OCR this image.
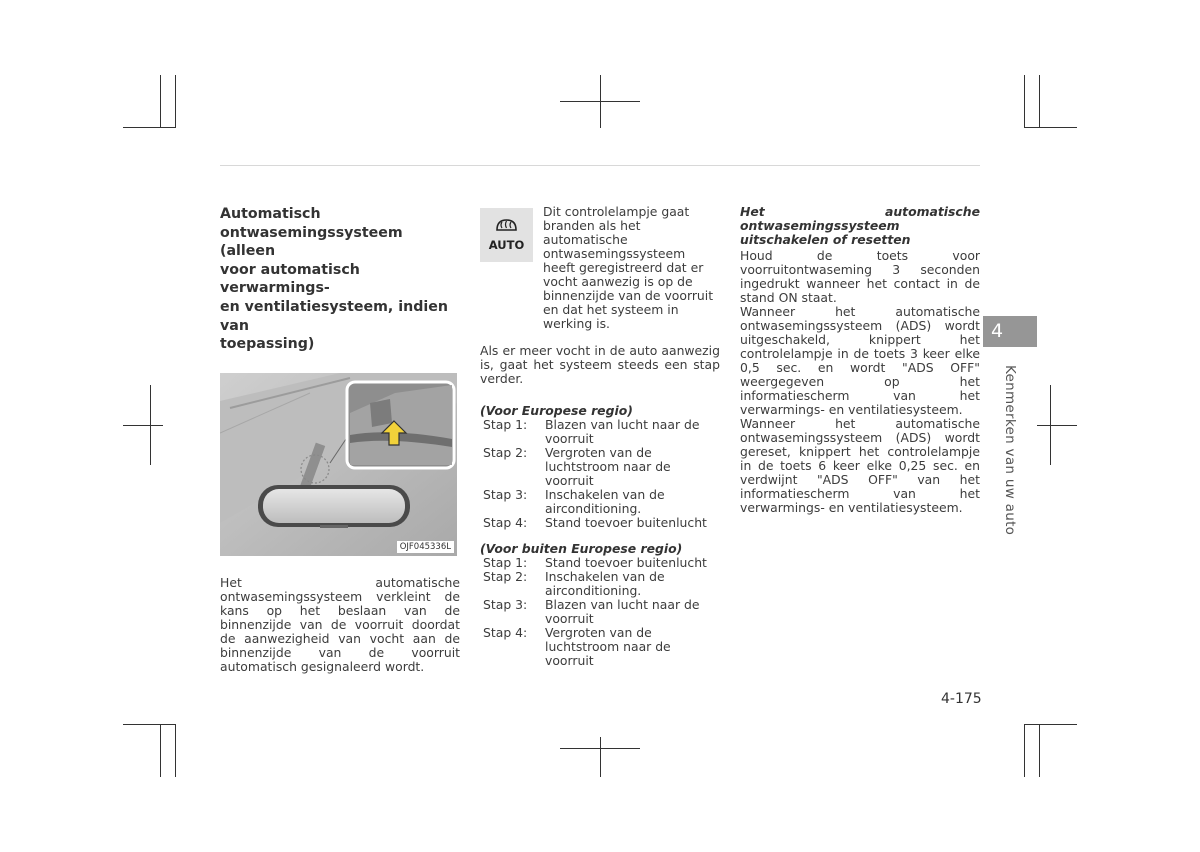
Automatisch
ontwasemingssysteem (alleen
voor automatisch verwarmings-
en ventilatiesysteem, indien van
toepassing)
OJF045336L

Het automatische ontwasemingssysteem verkleint de kans op het beslaan van de binnenzijde van de voorruit doordat de aanwezigheid van vocht aan de binnenzijde van de voorruit automatisch gesignaleerd wordt.

AUTO
Dit controlelampje gaat branden als het automatische ontwasemingssysteem heeft geregistreerd dat er vocht aanwezig is op de binnenzijde van de voorruit en dat het systeem in werking is.

Als er meer vocht in de auto aanwezig is, gaat het systeem steeds een stap verder.

(Voor Europese regio)

Stap 1:	Blazen van lucht naar de voorruit
Stap 2:	Vergroten van de luchtstroom naar de voorruit
Stap 3:	Inschakelen van de airconditioning.
Stap 4:	Stand toevoer buitenlucht

(Voor buiten Europese regio)

Stap 1:	Stand toevoer buitenlucht
Stap 2:	Inschakelen van de airconditioning.
Stap 3:	Blazen van lucht naar de voorruit
Stap 4:	Vergroten van de luchtstroom naar de voorruit

Het automatische ontwasemingssysteem uitschakelen of resetten

Houd de toets voor voorruitontwaseming 3 seconden ingedrukt wanneer het contact in de stand ON staat.

Wanneer het automatische ontwasemingssysteem (ADS) wordt uitgeschakeld, knippert het controlelampje in de toets 3 keer elke 0,5 sec. en wordt "ADS OFF" weergegeven op het informatiescherm van het verwarmings- en ventilatiesysteem.

Wanneer het automatische ontwasemingssysteem (ADS) wordt gereset, knippert het controlelampje in de toets 6 keer elke 0,25 sec. en verdwijnt "ADS OFF" van het informatiescherm van het verwarmings- en ventilatiesysteem.

4
Kenmerken van uw auto
4-175
